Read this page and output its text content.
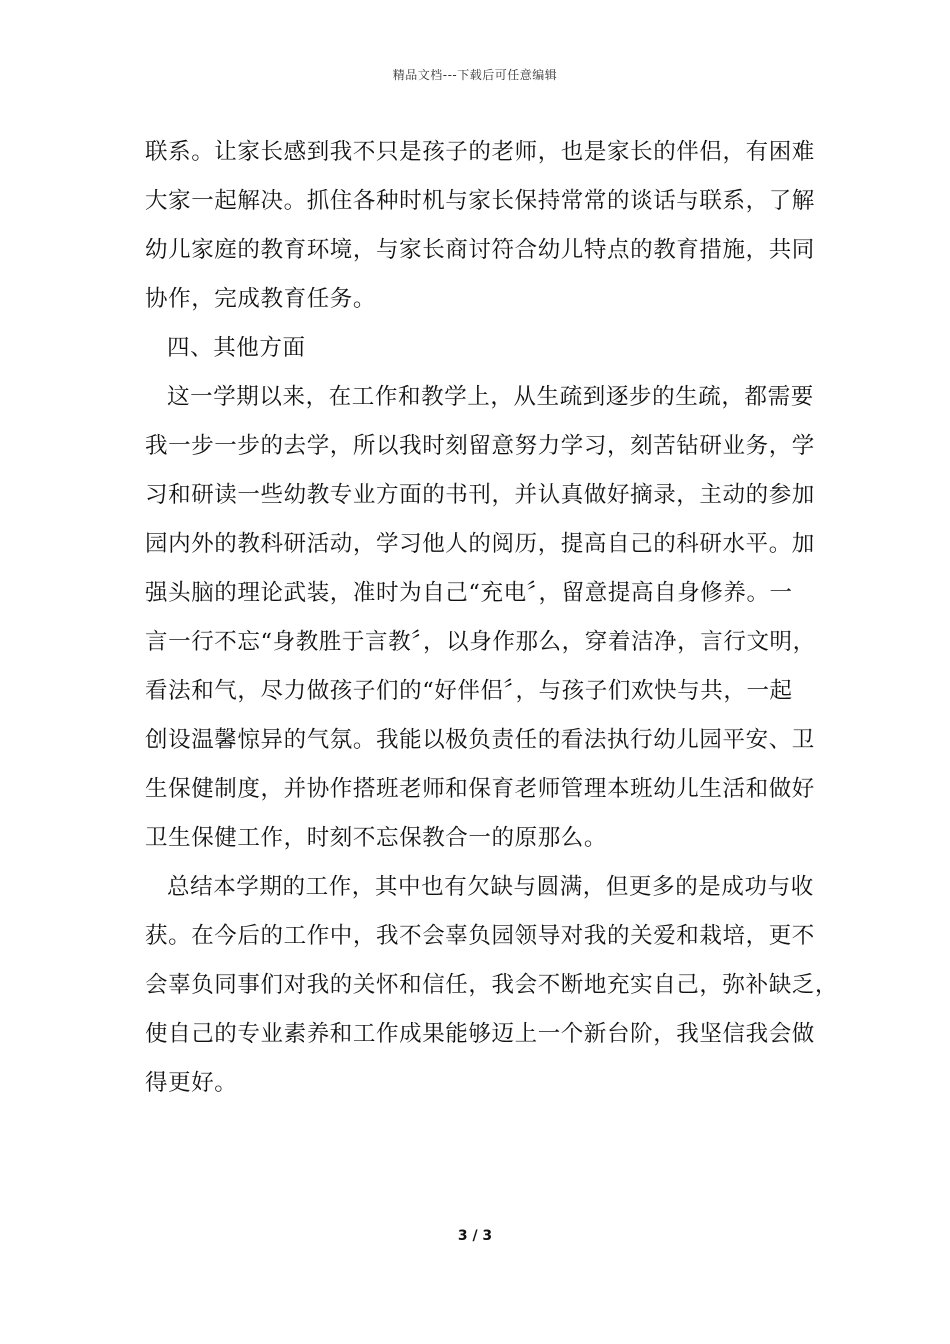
精品文档---下载后可任意编辑
联系。让家长感到我不只是孩子的老师，也是家长的伴侣，有困难
大家一起解决。抓住各种时机与家长保持常常的谈话与联系，了解
幼儿家庭的教育环境，与家长商讨符合幼儿特点的教育措施，共同
协作，完成教育任务。
四、其他方面
这一学期以来，在工作和教学上，从生疏到逐步的生疏，都需要
我一步一步的去学，所以我时刻留意努力学习，刻苦钻研业务，学
习和研读一些幼教专业方面的书刊，并认真做好摘录，主动的参加
园内外的教科研活动，学习他人的阅历，提高自己的科研水平。加
强头脑的理论武装，准时为自己“充电〞，留意提高自身修养。一
言一行不忘“身教胜于言教〞，以身作那么，穿着洁净，言行文明，
看法和气，尽力做孩子们的“好伴侣〞，与孩子们欢快与共，一起
创设温馨惊异的气氛。我能以极负责任的看法执行幼儿园平安、卫
生保健制度，并协作搭班老师和保育老师管理本班幼儿生活和做好
卫生保健工作，时刻不忘保教合一的原那么。
总结本学期的工作，其中也有欠缺与圆满，但更多的是成功与收
获。在今后的工作中，我不会辜负园领导对我的关爱和栽培，更不
会辜负同事们对我的关怀和信任，我会不断地充实自己，弥补缺乏，
使自己的专业素养和工作成果能够迈上一个新台阶，我坚信我会做
得更好。
3 / 3
